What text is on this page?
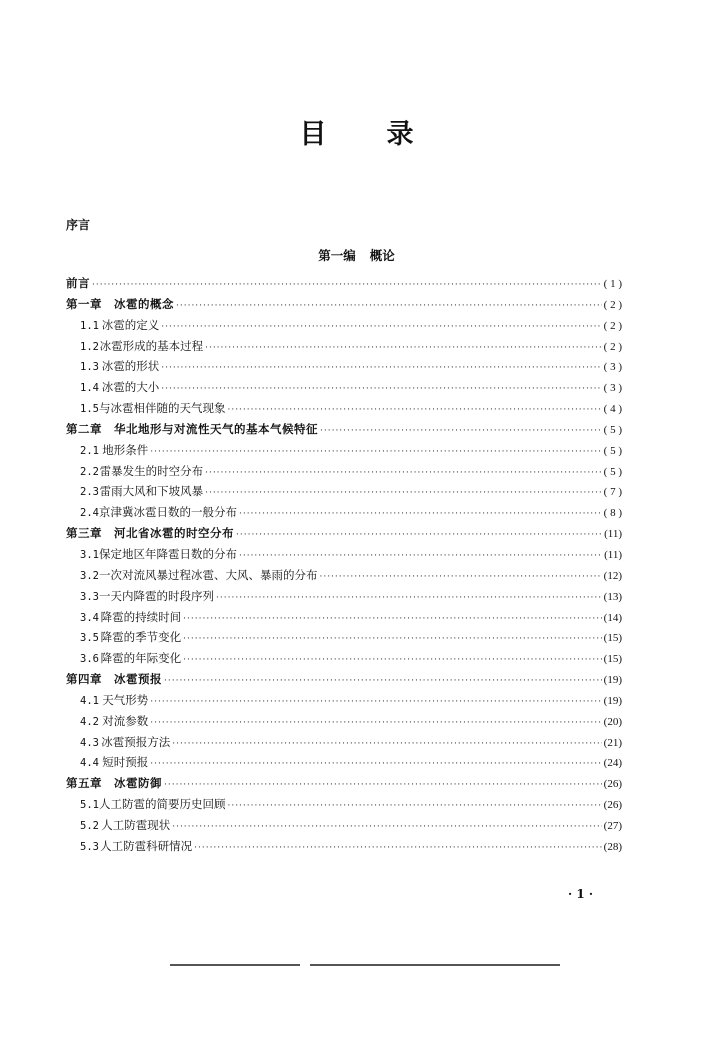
目 录
序言
第一编 概论
前言 ·····	( 1 )
第一章　冰雹的概念 ·····	( 2 )
1.1 冰雹的定义 ·····	( 2 )
1.2 冰雹形成的基本过程 ·····	( 2 )
1.3 冰雹的形状 ·····	( 3 )
1.4 冰雹的大小 ·····	( 3 )
1.5 与冰雹相伴随的天气现象 ·····	( 4 )
第二章　华北地形与对流性天气的基本气候特征 ·····	( 5 )
2.1 地形条件 ·····	( 5 )
2.2 雷暴发生的时空分布 ·····	( 5 )
2.3 雷雨大风和下坡风暴 ·····	( 7 )
2.4 京津冀冰雹日数的一般分布 ·····	( 8 )
第三章　河北省冰雹的时空分布 ·····	(11)
3.1 保定地区年降雹日数的分布 ·····	(11)
3.2 一次对流风暴过程冰雹、大风、暴雨的分布 ·····	(12)
3.3 一天内降雹的时段序列 ·····	(13)
3.4 降雹的持续时间 ·····	(14)
3.5 降雹的季节变化 ·····	(15)
3.6 降雹的年际变化 ·····	(15)
第四章　冰雹预报 ·····	(19)
4.1 天气形势 ·····	(19)
4.2 对流参数 ·····	(20)
4.3 冰雹预报方法 ·····	(21)
4.4 短时预报 ·····	(24)
第五章　冰雹防御 ·····	(26)
5.1 人工防雹的简要历史回顾 ·····	(26)
5.2 人工防雹现状 ·····	(27)
5.3 人工防雹科研情况 ·····	(28)
· 1 ·
